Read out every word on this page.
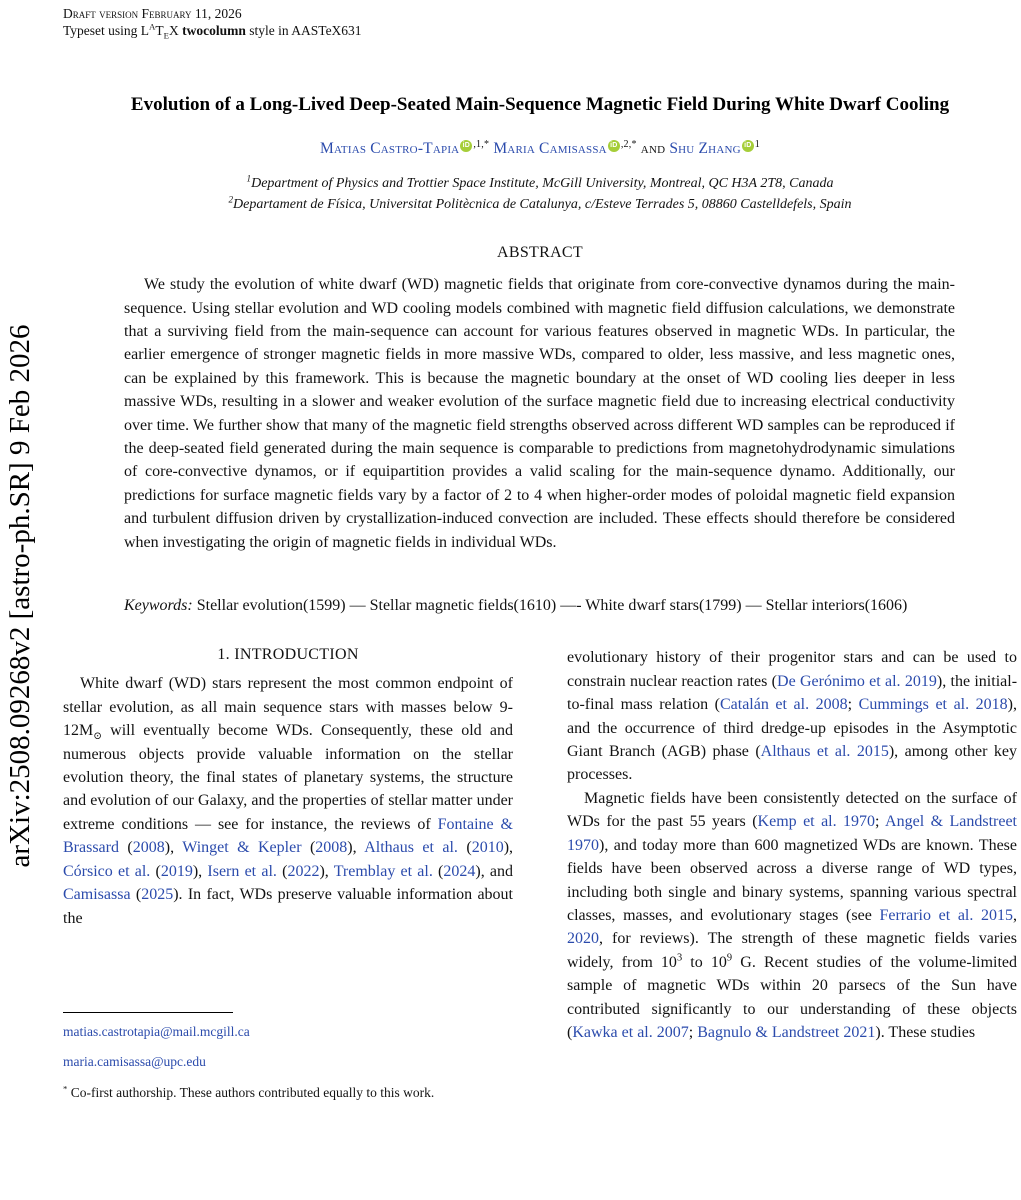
arXiv:2508.09268v2 [astro-ph.SR] 9 Feb 2026
Draft version February 11, 2026
Typeset using $L^AT_EX$ twocolumn style in AASTeX631
Evolution of a Long-Lived Deep-Seated Main-Sequence Magnetic Field During White Dwarf Cooling
Matias Castro-Tapia iD $^{,1,*}$ Maria Camisassa iD $^{,2,*}$ and Shu Zhang iD $^1$
$^1$Department of Physics and Trottier Space Institute, McGill University, Montreal, QC H3A 2T8, Canada
$^2$Departament de Física, Universitat Politècnica de Catalunya, c/Esteve Terrades 5, 08860 Castelldefels, Spain
ABSTRACT

We study the evolution of white dwarf (WD) magnetic fields that originate from core-convective dynamos during the main-sequence. Using stellar evolution and WD cooling models combined with magnetic field diffusion calculations, we demonstrate that a surviving field from the main-sequence can account for various features observed in magnetic WDs. In particular, the earlier emergence of stronger magnetic fields in more massive WDs, compared to older, less massive, and less magnetic ones, can be explained by this framework. This is because the magnetic boundary at the onset of WD cooling lies deeper in less massive WDs, resulting in a slower and weaker evolution of the surface magnetic field due to increasing electrical conductivity over time. We further show that many of the magnetic field strengths observed across different WD samples can be reproduced if the deep-seated field generated during the main sequence is comparable to predictions from magnetohydrodynamic simulations of core-convective dynamos, or if equipartition provides a valid scaling for the main-sequence dynamo. Additionally, our predictions for surface magnetic fields vary by a factor of 2 to 4 when higher-order modes of poloidal magnetic field expansion and turbulent diffusion driven by crystallization-induced convection are included. These effects should therefore be considered when investigating the origin of magnetic fields in individual WDs.

Keywords: Stellar evolution(1599) — Stellar magnetic fields(1610) —- White dwarf stars(1799) — Stellar interiors(1606)
1. INTRODUCTION

White dwarf (WD) stars represent the most common endpoint of stellar evolution, as all main sequence stars with masses below $9-12M_⊙$ will eventually become WDs. Consequently, these old and numerous objects provide valuable information on the stellar evolution theory, the final states of planetary systems, the structure and evolution of our Galaxy, and the properties of stellar matter under extreme conditions — see for instance, the reviews of Fontaine & Brassard (2008), Winget & Kepler (2008), Althaus et al. (2010), Córsico et al. (2019), Isern et al. (2022), Tremblay et al. (2024), and Camisassa (2025). In fact, WDs preserve valuable information about the

matias.castrotapia@mail.mcgill.ca
maria.camisassa@upc.edu
* Co-first authorship. These authors contributed equally to this work.

evolutionary history of their progenitor stars and can be used to constrain nuclear reaction rates (De Gerónimo et al. 2019), the initial-to-final mass relation (Catalán et al. 2008; Cummings et al. 2018), and the occurrence of third dredge-up episodes in the Asymptotic Giant Branch (AGB) phase (Althaus et al. 2015), among other key processes.

Magnetic fields have been consistently detected on the surface of WDs for the past 55 years (Kemp et al. 1970; Angel & Landstreet 1970), and today more than 600 magnetized WDs are known. These fields have been observed across a diverse range of WD types, including both single and binary systems, spanning various spectral classes, masses, and evolutionary stages (see Ferrario et al. 2015, 2020, for reviews). The strength of these magnetic fields varies widely, from $10^3$ to $10^9$ G. Recent studies of the volume-limited sample of magnetic WDs within 20 parsecs of the Sun have contributed significantly to our understanding of these objects (Kawka et al. 2007; Bagnulo & Landstreet 2021). These studies
